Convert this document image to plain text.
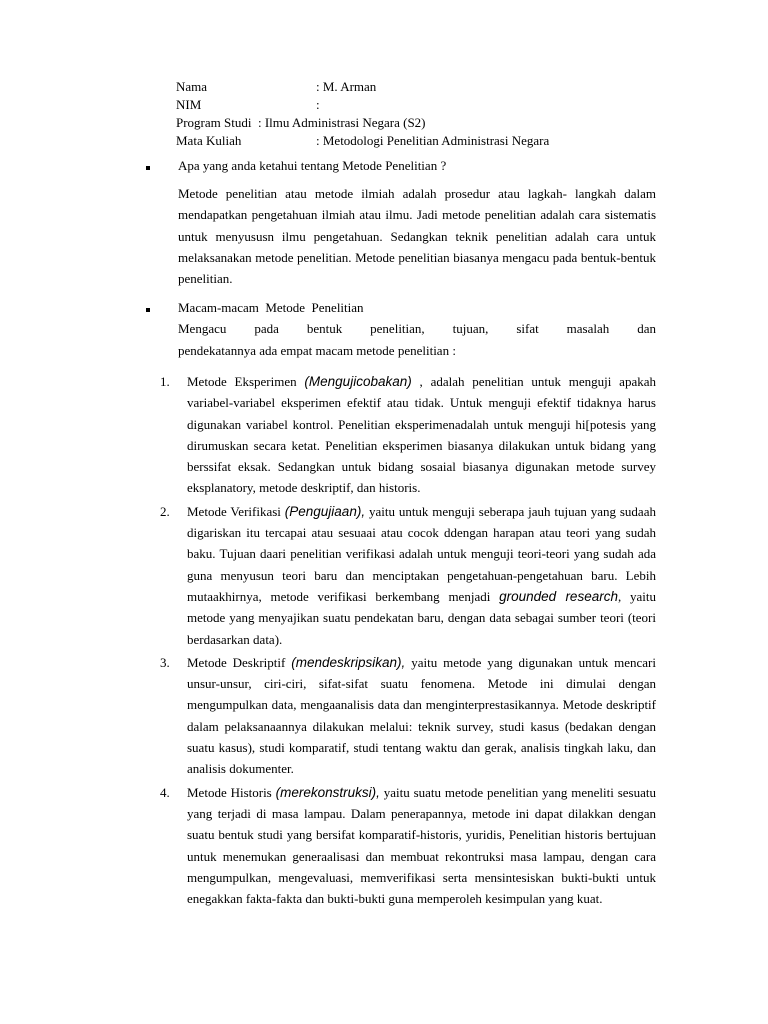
Nama	: M. Arman
NIM	:
Program Studi  : Ilmu Administrasi Negara (S2)
Mata Kuliah	: Metodologi Penelitian Administrasi Negara
Apa yang anda ketahui tentang Metode Penelitian ?
Metode penelitian atau metode ilmiah adalah prosedur atau lagkah- langkah dalam mendapatkan pengetahuan ilmiah atau ilmu. Jadi metode penelitian adalah cara sistematis untuk menyususn ilmu pengetahuan. Sedangkan teknik penelitian adalah cara untuk melaksanakan metode penelitian. Metode penelitian biasanya mengacu pada bentuk-bentuk penelitian.
Macam-macam  Metode  Penelitian
Mengacu pada bentuk penelitian, tujuan, sifat masalah dan
pendekatannya ada empat macam metode penelitian :
1. Metode Eksperimen (Mengujicobakan) , adalah penelitian untuk menguji apakah variabel-variabel eksperimen efektif atau tidak. Untuk menguji efektif tidaknya harus digunakan variabel kontrol. Penelitian eksperimenadalah untuk menguji hi[potesis yang dirumuskan secara ketat. Penelitian eksperimen biasanya dilakukan untuk bidang yang berssifat eksak. Sedangkan untuk bidang sosaial biasanya digunakan metode survey eksplanatory, metode deskriptif, dan historis.
2. Metode Verifikasi (Pengujiaan), yaitu untuk menguji seberapa jauh tujuan yang sudaah digariskan itu tercapai atau sesuaai atau cocok ddengan harapan atau teori yang sudah baku. Tujuan daari penelitian verifikasi adalah untuk menguji teori-teori yang sudah ada guna menyusun teori baru dan menciptakan pengetahuan-pengetahuan baru. Lebih mutaakhirnya, metode verifikasi berkembang menjadi grounded research, yaitu metode yang menyajikan suatu pendekatan baru, dengan data sebagai sumber teori (teori berdasarkan data).
3. Metode Deskriptif (mendeskripsikan), yaitu metode yang digunakan untuk mencari unsur-unsur, ciri-ciri, sifat-sifat suatu fenomena. Metode ini dimulai dengan mengumpulkan data, mengaanalisis data dan menginterprestasikannya. Metode deskriptif dalam pelaksanaannya dilakukan melalui: teknik survey, studi kasus (bedakan dengan suatu kasus), studi komparatif, studi tentang waktu dan gerak, analisis tingkah laku, dan analisis dokumenter.
4. Metode Historis (merekonstruksi), yaitu suatu metode penelitian yang meneliti sesuatu yang terjadi di masa lampau. Dalam penerapannya, metode ini dapat dilakkan dengan suatu bentuk studi yang bersifat komparatif-historis, yuridis, Penelitian historis bertujuan untuk menemukan generaalisasi dan membuat rekontruksi masa lampau, dengan cara mengumpulkan, mengevaluasi, memverifikasi serta mensintesiskan bukti-bukti untuk enegakkan fakta-fakta dan bukti-bukti guna memperoleh kesimpulan yang kuat.
